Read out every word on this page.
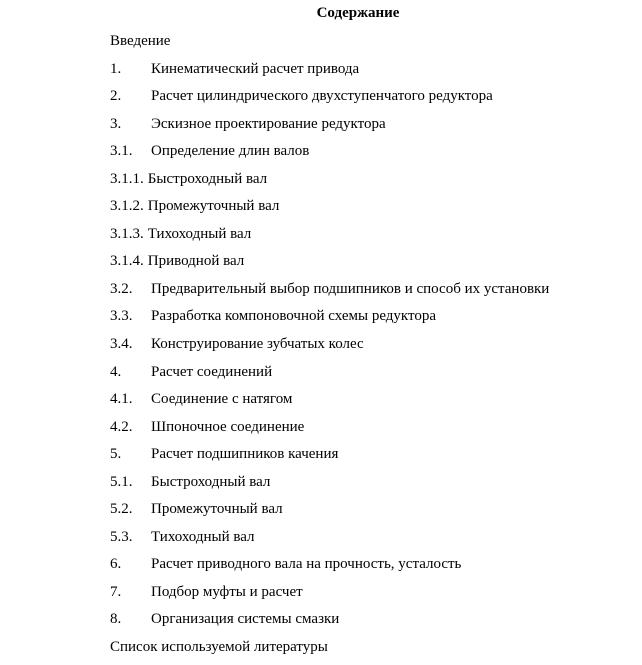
Содержание
Введение
1. Кинематический расчет привода
2. Расчет цилиндрического двухступенчатого редуктора
3. Эскизное проектирование редуктора
3.1. Определение длин валов
3.1.1. Быстроходный вал
3.1.2. Промежуточный вал
3.1.3. Тихоходный вал
3.1.4. Приводной вал
3.2. Предварительный выбор подшипников и способ их установки
3.3. Разработка компоновочной схемы редуктора
3.4. Конструирование зубчатых колес
4. Расчет соединений
4.1. Соединение с натягом
4.2. Шпоночное соединение
5. Расчет подшипников качения
5.1. Быстроходный вал
5.2. Промежуточный вал
5.3. Тихоходный вал
6. Расчет приводного вала на прочность, усталость
7. Подбор муфты и расчет
8. Организация системы смазки
Список используемой литературы
